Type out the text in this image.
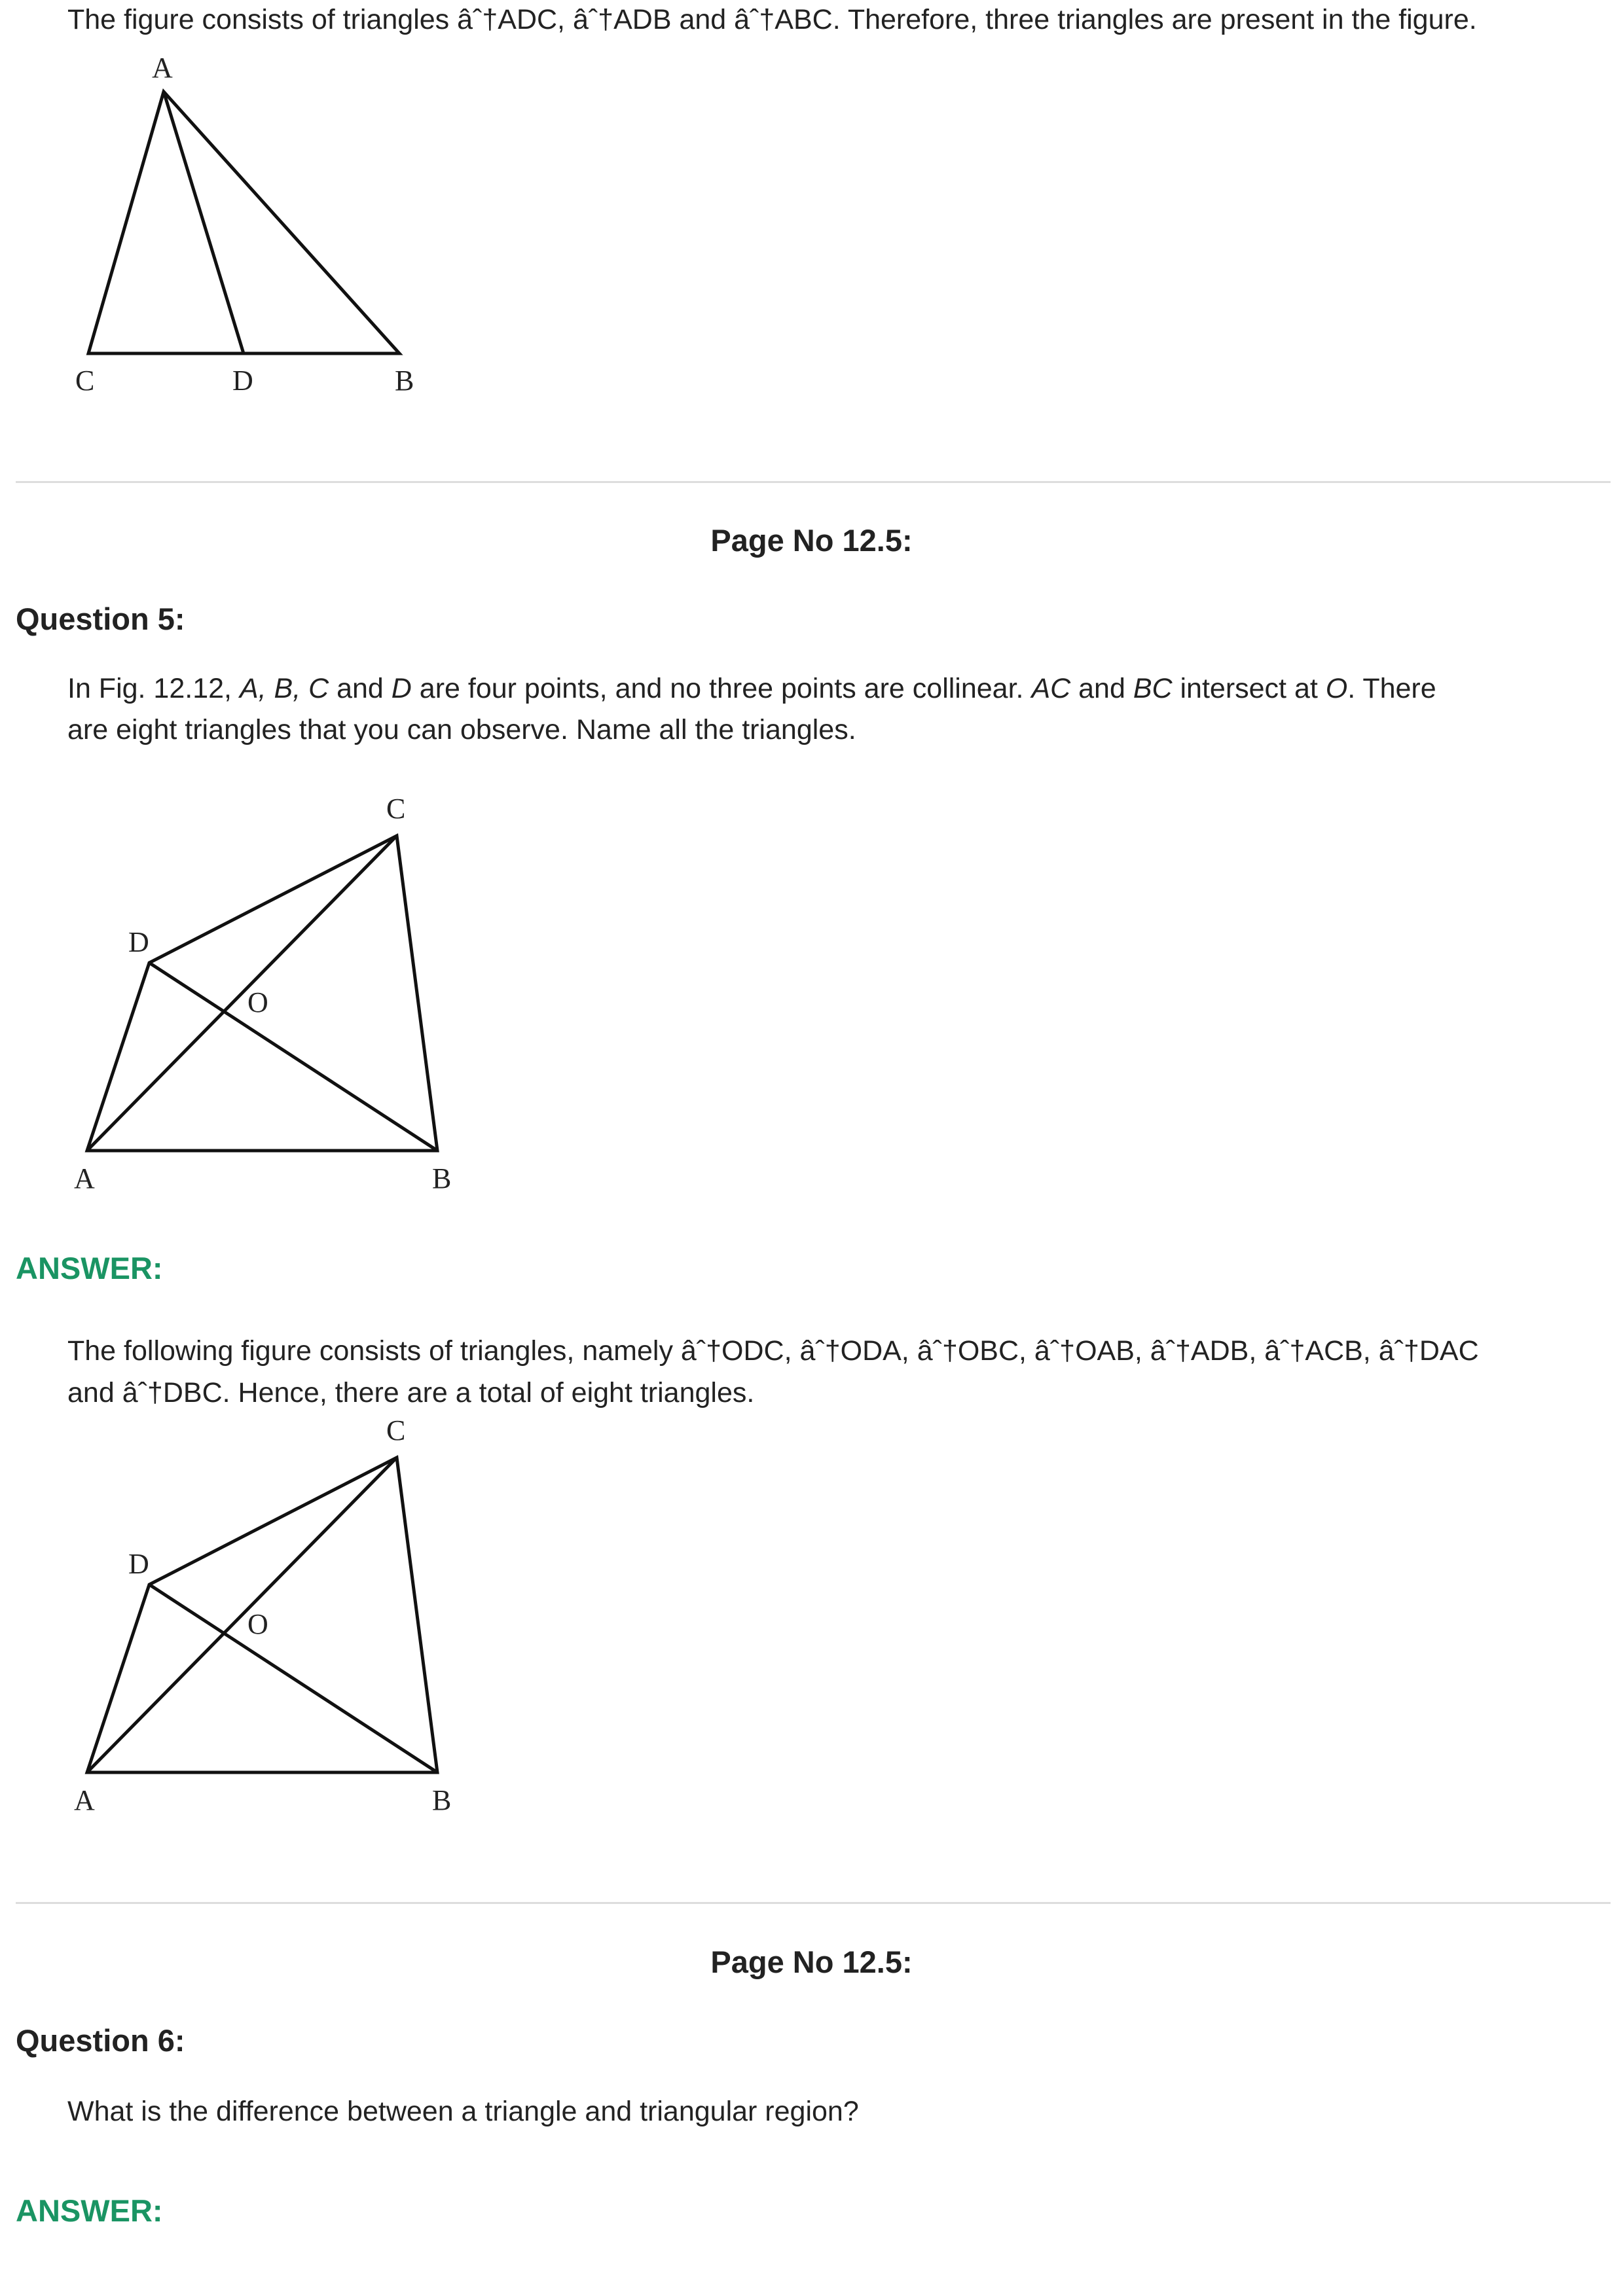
The figure consists of triangles âˆ†ADC, âˆ†ADB and âˆ†ABC. Therefore, three triangles are present in the figure.
A
C	D	B
Page No 12.5:
Question 5:
In Fig. 12.12, A, B, C and D are four points, and no three points are collinear. AC and BC intersect at O. There
are eight triangles that you can observe. Name all the triangles.
C
D
O
A	B
ANSWER:
The following figure consists of triangles, namely âˆ†ODC, âˆ†ODA, âˆ†OBC, âˆ†OAB, âˆ†ADB, âˆ†ACB, âˆ†DAC
and âˆ†DBC. Hence, there are a total of eight triangles.
C
D
O
A	B
Page No 12.5:
Question 6:
What is the difference between a triangle and triangular region?
ANSWER:
